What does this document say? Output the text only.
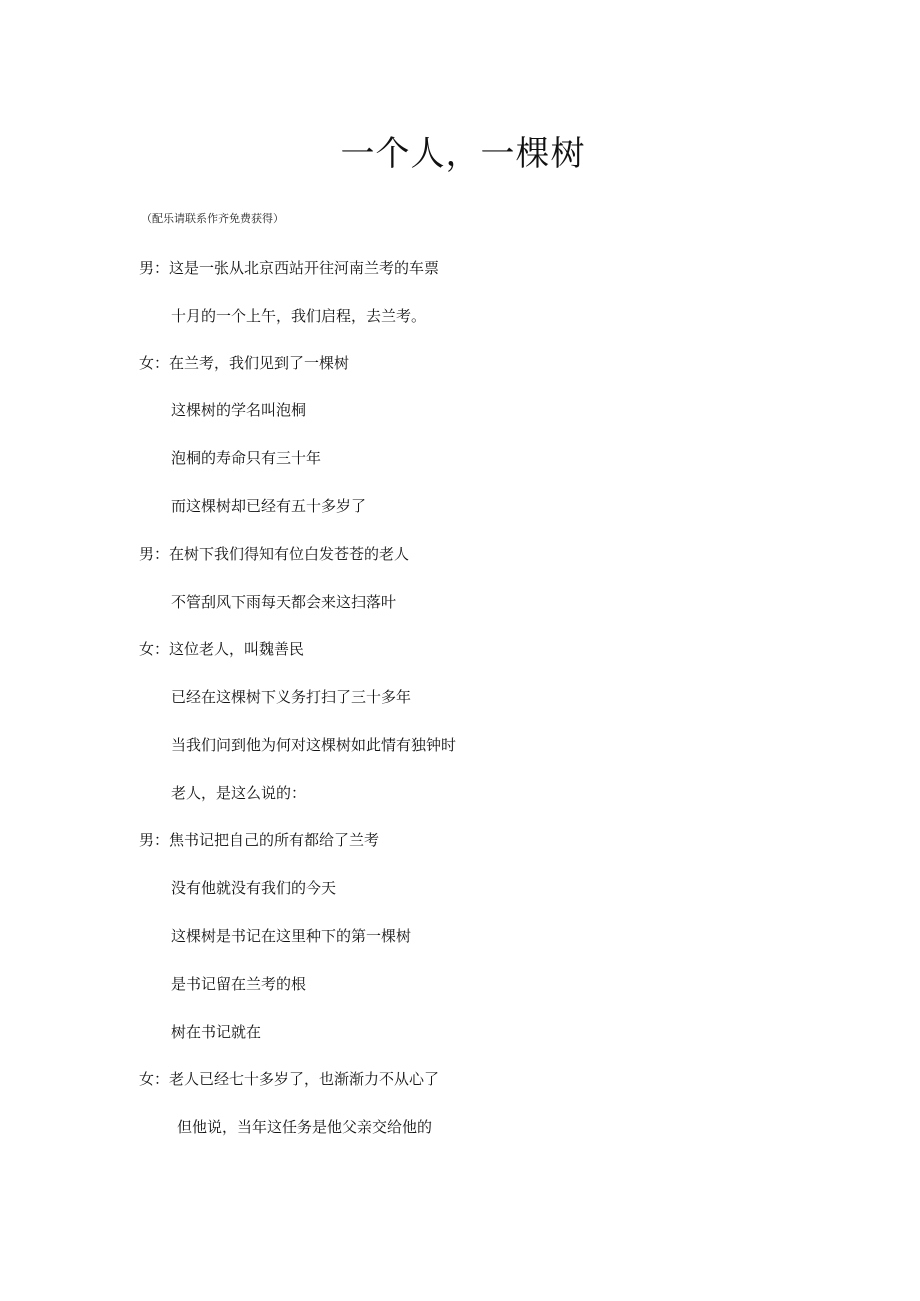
一个人，一棵树
（配乐请联系作齐免费获得）
男：这是一张从北京西站开往河南兰考的车票
十月的一个上午，我们启程，去兰考。
女：在兰考，我们见到了一棵树
这棵树的学名叫泡桐
泡桐的寿命只有三十年
而这棵树却已经有五十多岁了
男：在树下我们得知有位白发苍苍的老人
不管刮风下雨每天都会来这扫落叶
女：这位老人，叫魏善民
已经在这棵树下义务打扫了三十多年
当我们问到他为何对这棵树如此情有独钟时
老人，是这么说的：
男：焦书记把自己的所有都给了兰考
没有他就没有我们的今天
这棵树是书记在这里种下的第一棵树
是书记留在兰考的根
树在书记就在
女：老人已经七十多岁了，也渐渐力不从心了
但他说，当年这任务是他父亲交给他的
